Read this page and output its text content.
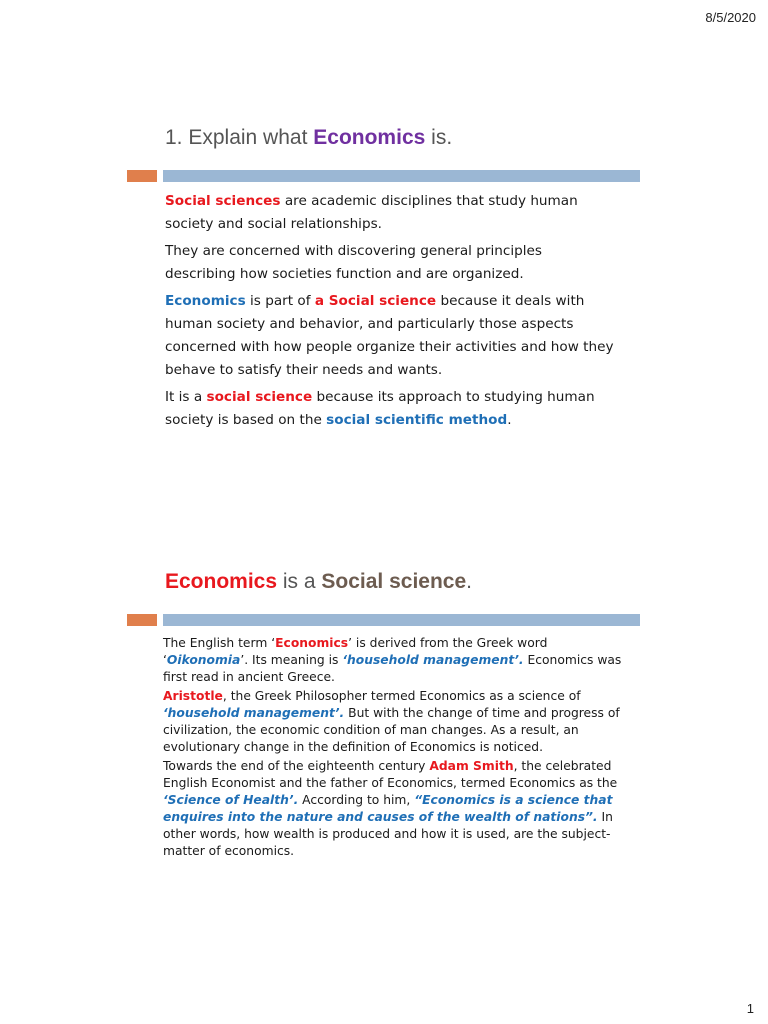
8/5/2020
1. Explain what Economics is.

Social sciences are academic disciplines that study human society and social relationships.

They are concerned with discovering general principles describing how societies function and are organized.

Economics is part of a Social science because it deals with human society and behavior, and particularly those aspects concerned with how people organize their activities and how they behave to satisfy their needs and wants.

It is a social science because its approach to studying human society is based on the social scientific method.

Economics is a Social science.

The English term ‘Economics’ is derived from the Greek word ‘Oikonomia’. Its meaning is ‘household management’. Economics was first read in ancient Greece.

Aristotle, the Greek Philosopher termed Economics as a science of ‘household management’. But with the change of time and progress of civilization, the economic condition of man changes. As a result, an evolutionary change in the definition of Economics is noticed.

Towards the end of the eighteenth century Adam Smith, the celebrated English Economist and the father of Economics, termed Economics as the ‘Science of Health’. According to him, “Economics is a science that enquires into the nature and causes of the wealth of nations”. In other words, how wealth is produced and how it is used, are the subject-matter of economics.

1
